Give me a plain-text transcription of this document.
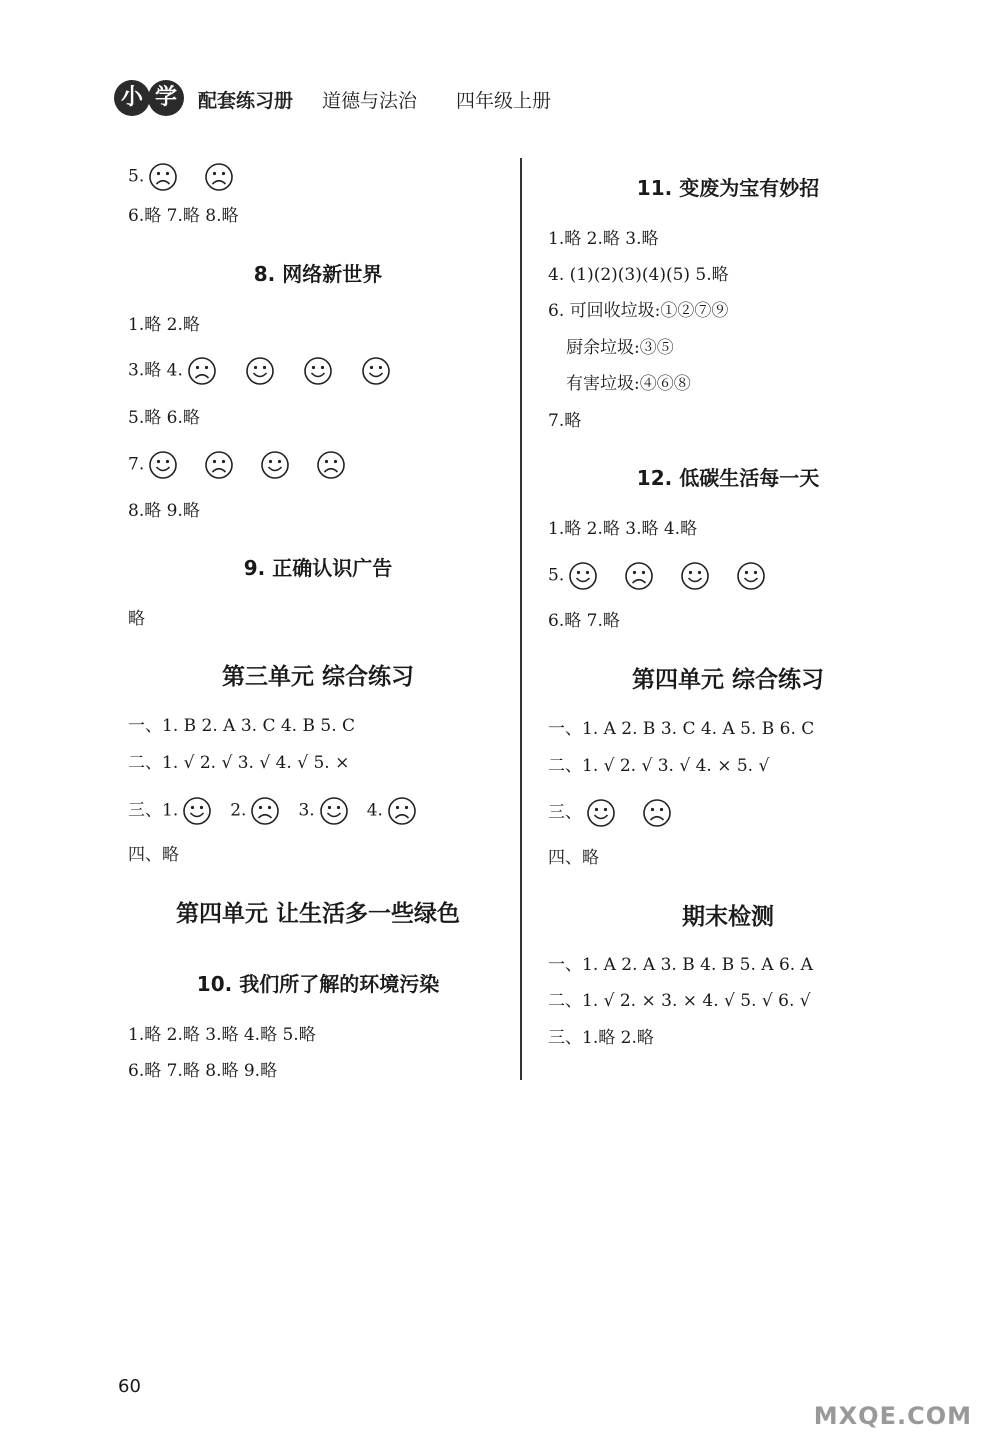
小 学	配套练习册 道德与法治 四年级上册
5.
6.略 7.略 8.略
8. 网络新世界
1.略 2.略
3.略 4.
5.略 6.略
7.
8.略 9.略
9. 正确认识广告
略
第三单元 综合练习
一、1. B 2. A 3. C 4. B 5. C
二、1. √ 2. √ 3. √ 4. √ 5. ×
三、1.	2.	3.	4.
四、略
第四单元 让生活多一些绿色
10. 我们所了解的环境污染
1.略 2.略 3.略 4.略 5.略
6.略 7.略 8.略 9.略
11. 变废为宝有妙招
1.略 2.略 3.略
4. (1)(2)(3)(4)(5) 5.略
6. 可回收垃圾:①②⑦⑨
厨余垃圾:③⑤
有害垃圾:④⑥⑧
7.略
12. 低碳生活每一天
1.略 2.略 3.略 4.略
5.
6.略 7.略
第四单元 综合练习
一、1. A 2. B 3. C 4. A 5. B 6. C
二、1. √ 2. √ 3. √ 4. × 5. √
三、
四、略
期末检测
一、1. A 2. A 3. B 4. B 5. A 6. A
二、1. √ 2. × 3. × 4. √ 5. √ 6. √
三、1.略 2.略
60
MXQE.COM
